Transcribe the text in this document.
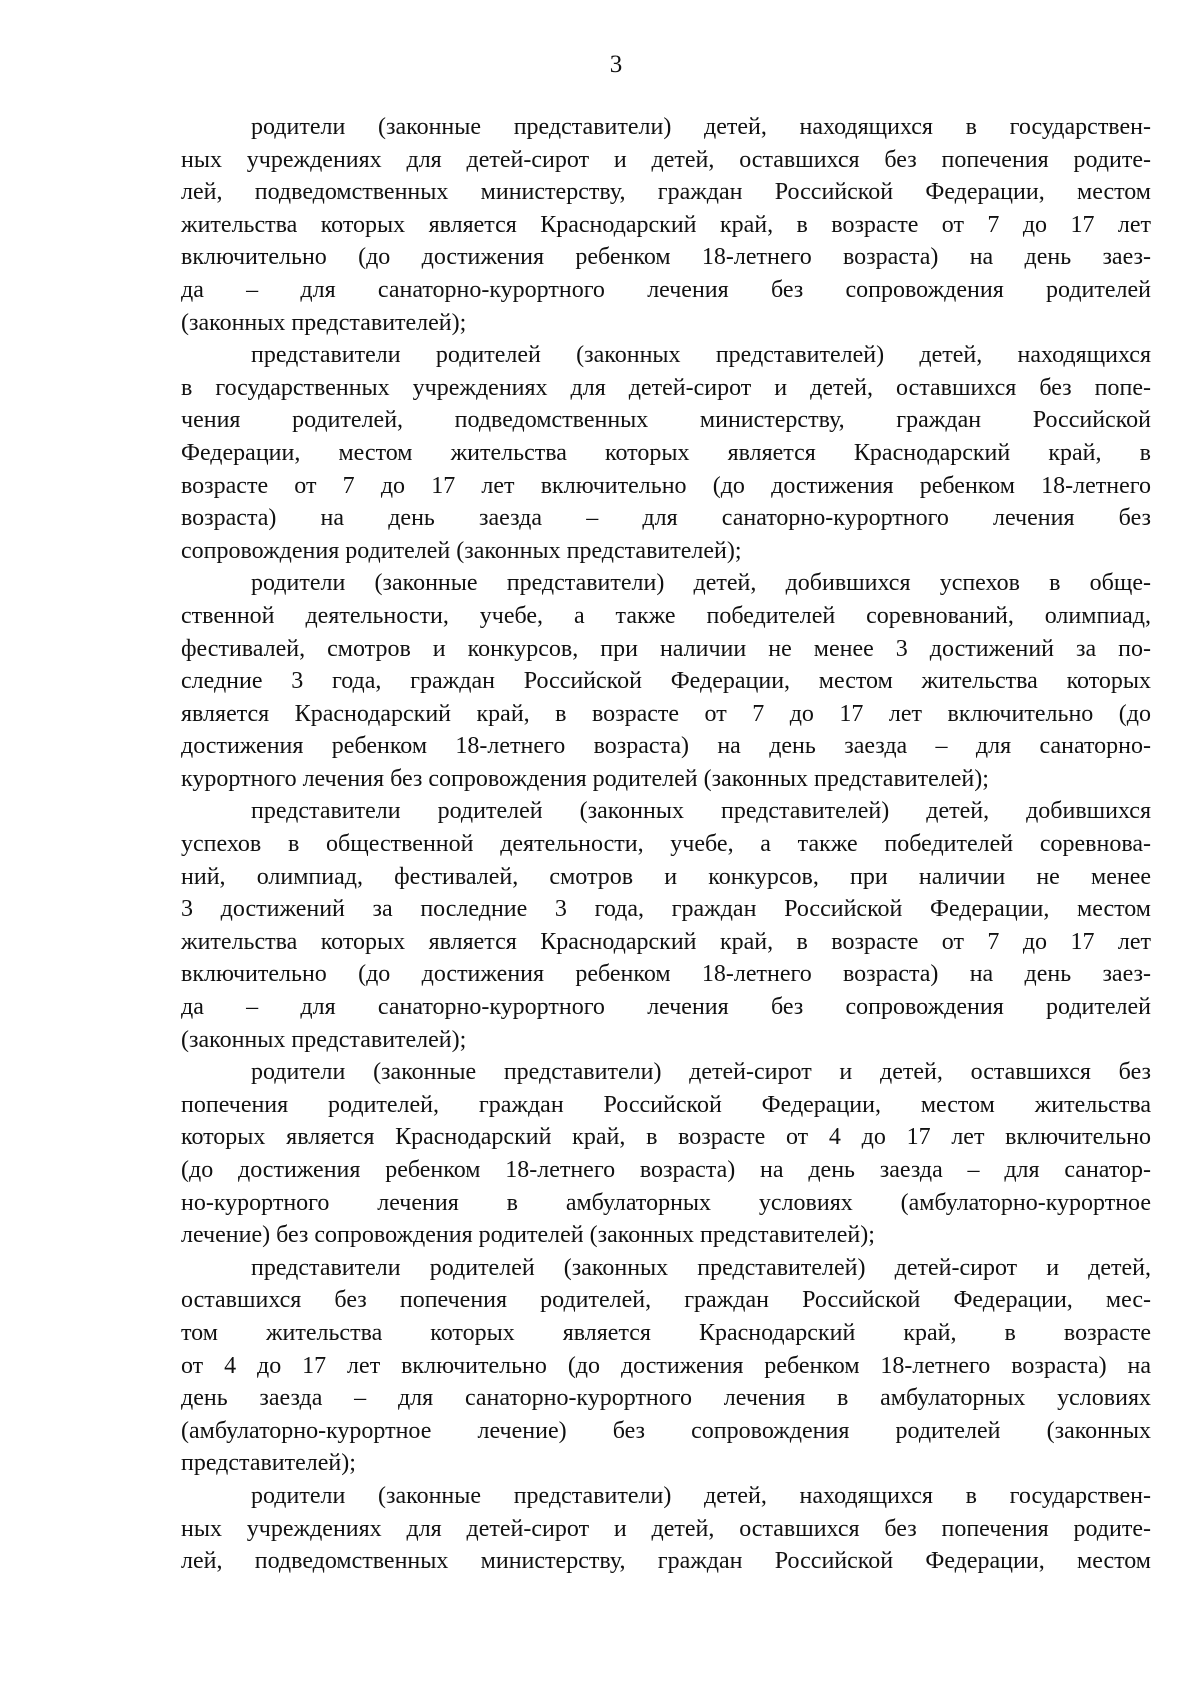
3
родители (законные представители) детей, находящихся в государствен-
ных учреждениях для детей-сирот и детей, оставшихся без попечения родите-
лей, подведомственных министерству, граждан Российской Федерации, местом
жительства которых является Краснодарский край, в возрасте от 7 до 17 лет
включительно (до достижения ребенком 18-летнего возраста) на день заез-
да – для санаторно-курортного лечения без сопровождения родителей
(законных представителей);
представители родителей (законных представителей) детей, находящихся
в государственных учреждениях для детей-сирот и детей, оставшихся без попе-
чения родителей, подведомственных министерству, граждан Российской
Федерации, местом жительства которых является Краснодарский край, в
возрасте от 7 до 17 лет включительно (до достижения ребенком 18-летнего
возраста) на день заезда – для санаторно-курортного лечения без
сопровождения родителей (законных представителей);
родители (законные представители) детей, добившихся успехов в обще-
ственной деятельности, учебе, а также победителей соревнований, олимпиад,
фестивалей, смотров и конкурсов, при наличии не менее 3 достижений за по-
следние 3 года, граждан Российской Федерации, местом жительства которых
является Краснодарский край, в возрасте от 7 до 17 лет включительно (до
достижения ребенком 18-летнего возраста) на день заезда – для санаторно-
курортного лечения без сопровождения родителей (законных представителей);
представители родителей (законных представителей) детей, добившихся
успехов в общественной деятельности, учебе, а также победителей соревнова-
ний, олимпиад, фестивалей, смотров и конкурсов, при наличии не менее
3 достижений за последние 3 года, граждан Российской Федерации, местом
жительства которых является Краснодарский край, в возрасте от 7 до 17 лет
включительно (до достижения ребенком 18-летнего возраста) на день заез-
да – для санаторно-курортного лечения без сопровождения родителей
(законных представителей);
родители (законные представители) детей-сирот и детей, оставшихся без
попечения родителей, граждан Российской Федерации, местом жительства
которых является Краснодарский край, в возрасте от 4 до 17 лет включительно
(до достижения ребенком 18-летнего возраста) на день заезда – для санатор-
но-курортного лечения в амбулаторных условиях (амбулаторно-курортное
лечение) без сопровождения родителей (законных представителей);
представители родителей (законных представителей) детей-сирот и детей,
оставшихся без попечения родителей, граждан Российской Федерации, мес-
том жительства которых является Краснодарский край, в возрасте
от 4 до 17 лет включительно (до достижения ребенком 18-летнего возраста) на
день заезда – для санаторно-курортного лечения в амбулаторных условиях
(амбулаторно-курортное лечение) без сопровождения родителей (законных
представителей);
родители (законные представители) детей, находящихся в государствен-
ных учреждениях для детей-сирот и детей, оставшихся без попечения родите-
лей, подведомственных министерству, граждан Российской Федерации, местом
